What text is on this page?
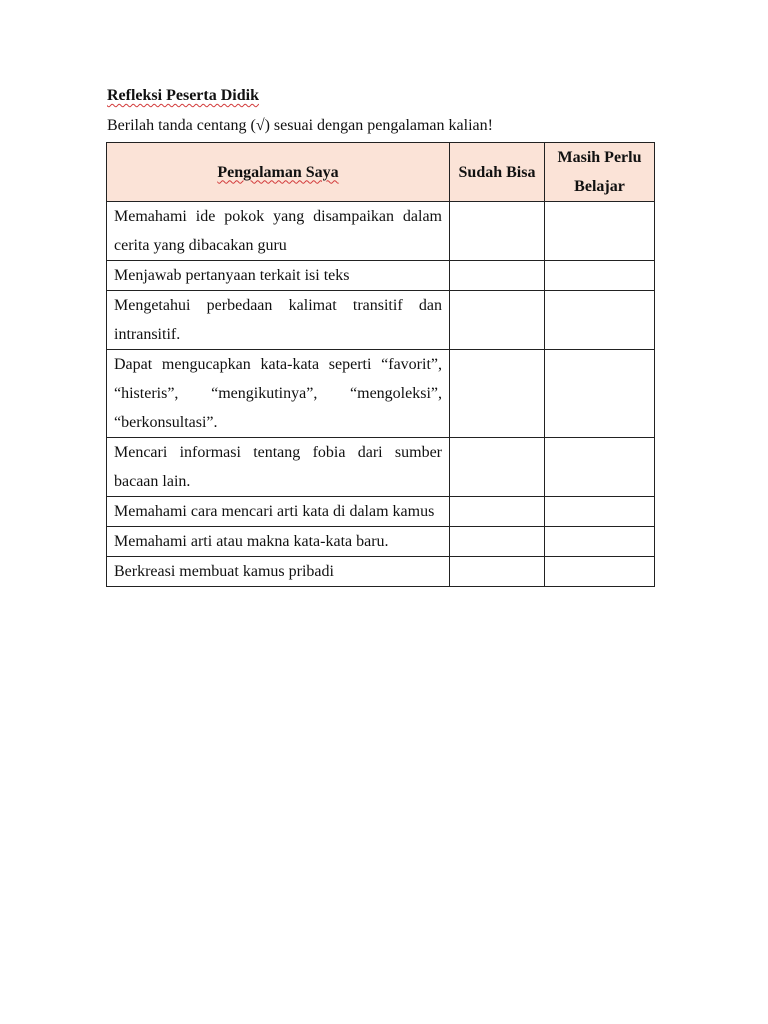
Refleksi Peserta Didik
Berilah tanda centang (√) sesuai dengan pengalaman kalian!
Pengalaman Saya	Sudah Bisa	Masih Perlu Belajar
Memahami ide pokok yang disampaikan dalam cerita yang dibacakan guru		
Menjawab pertanyaan terkait isi teks		
Mengetahui perbedaan kalimat transitif dan intransitif.		
Dapat mengucapkan kata-kata seperti “favorit”, “histeris”, “mengikutinya”, “mengoleksi”, “berkonsultasi”.		
Mencari informasi tentang fobia dari sumber bacaan lain.		
Memahami cara mencari arti kata di dalam kamus		
Memahami arti atau makna kata-kata baru.		
Berkreasi membuat kamus pribadi		
